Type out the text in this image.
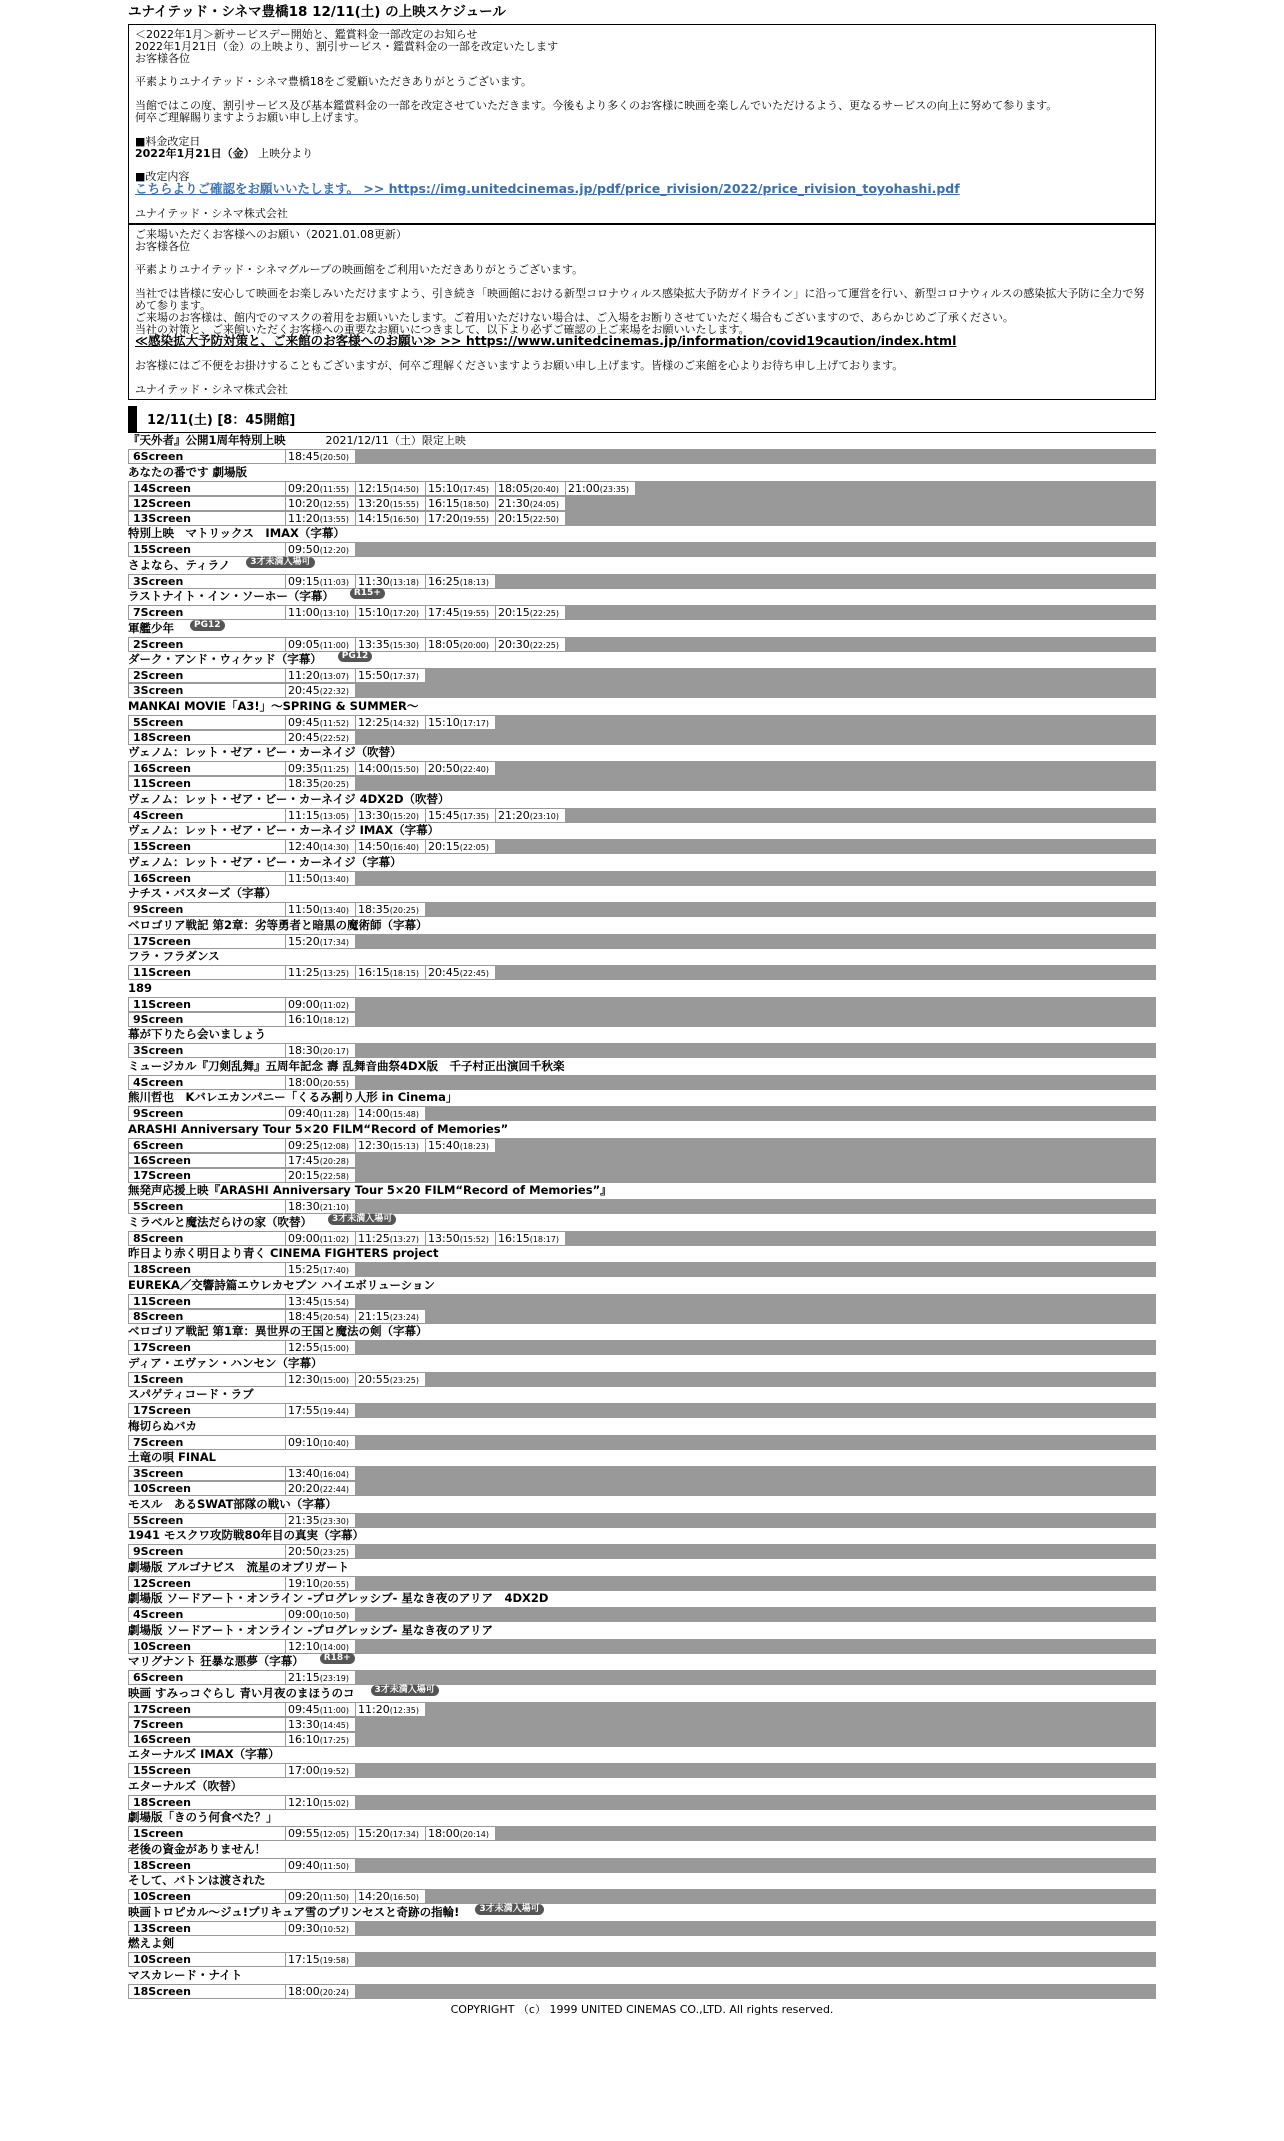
ユナイテッド・シネマ豊橋18 12/11(土) の上映スケジュール

＜2022年1月＞新サービスデー開始と、鑑賞料金一部改定のお知らせ

2022年1月21日（金）の上映より、割引サービス・鑑賞料金の一部を改定いたします

お客様各位

平素よりユナイテッド・シネマ豊橋18をご愛顧いただきありがとうございます。

当館ではこの度、割引サービス及び基本鑑賞料金の一部を改定させていただきます。今後もより多くのお客様に映画を楽しんでいただけるよう、更なるサービスの向上に努めて参ります。

何卒ご理解賜りますようお願い申し上げます。

■料金改定日

2022年1月21日（金） 上映分より

■改定内容

こちらよりご確認をお願いいたします。 >> https://img.unitedcinemas.jp/pdf/price_rivision/2022/price_rivision_toyohashi.pdf

ユナイテッド・シネマ株式会社

ご来場いただくお客様へのお願い（2021.01.08更新）

お客様各位

平素よりユナイテッド・シネマグループの映画館をご利用いただきありがとうございます。

当社では皆様に安心して映画をお楽しみいただけますよう、引き続き「映画館における新型コロナウィルス感染拡大予防ガイドライン」に沿って運営を行い、新型コロナウィルスの感染拡大予防に全力で努めて参ります。

ご来場のお客様は、館内でのマスクの着用をお願いいたします。ご着用いただけない場合は、ご入場をお断りさせていただく場合もございますので、あらかじめご了承ください。

当社の対策と、ご来館いただくお客様への重要なお願いにつきまして、以下より必ずご確認の上ご来場をお願いいたします。

≪感染拡大予防対策と、ご来館のお客様へのお願い≫ >> https://www.unitedcinemas.jp/information/covid19caution/index.html

お客様にはご不便をお掛けすることもございますが、何卒ご理解くださいますようお願い申し上げます。皆様のご来館を心よりお待ち申し上げております。

ユナイテッド・シネマ株式会社

12/11(土) [8：45開館]
『天外者』公開1周年特別上映	2021/12/11（土）限定上映
6Screen	18:45(20:50)
あなたの番です 劇場版
14Screen	09:20(11:55) 12:15(14:50) 15:10(17:45) 18:05(20:40) 21:00(23:35)
12Screen	10:20(12:55) 13:20(15:55) 16:15(18:50) 21:30(24:05)
13Screen	11:20(13:55) 14:15(16:50) 17:20(19:55) 20:15(22:50)
特別上映　マトリックス　IMAX（字幕）
15Screen	09:50(12:20)
さよなら、ティラノ	3才未満入場可
3Screen	09:15(11:03) 11:30(13:18) 16:25(18:13)
ラストナイト・イン・ソーホー（字幕）	R15+
7Screen	11:00(13:10) 15:10(17:20) 17:45(19:55) 20:15(22:25)
軍艦少年	PG12
2Screen	09:05(11:00) 13:35(15:30) 18:05(20:00) 20:30(22:25)
ダーク・アンド・ウィケッド（字幕）	PG12
2Screen	11:20(13:07) 15:50(17:37)
3Screen	20:45(22:32)
MANKAI MOVIE「A3!」～SPRING & SUMMER～
5Screen	09:45(11:52) 12:25(14:32) 15:10(17:17)
18Screen	20:45(22:52)
ヴェノム：レット・ゼア・ビー・カーネイジ（吹替）
16Screen	09:35(11:25) 14:00(15:50) 20:50(22:40)
11Screen	18:35(20:25)
ヴェノム：レット・ゼア・ビー・カーネイジ 4DX2D（吹替）
4Screen	11:15(13:05) 13:30(15:20) 15:45(17:35) 21:20(23:10)
ヴェノム：レット・ゼア・ビー・カーネイジ IMAX（字幕）
15Screen	12:40(14:30) 14:50(16:40) 20:15(22:05)
ヴェノム：レット・ゼア・ビー・カーネイジ（字幕）
16Screen	11:50(13:40)
ナチス・バスターズ（字幕）
9Screen	11:50(13:40) 18:35(20:25)
ベロゴリア戦記 第2章：劣等勇者と暗黒の魔術師（字幕）
17Screen	15:20(17:34)
フラ・フラダンス
11Screen	11:25(13:25) 16:15(18:15) 20:45(22:45)
189
11Screen	09:00(11:02)
9Screen	16:10(18:12)
幕が下りたら会いましょう
3Screen	18:30(20:17)
ミュージカル『刀剣乱舞』五周年記念 壽 乱舞音曲祭4DX版　千子村正出演回千秋楽
4Screen	18:00(20:55)
熊川哲也　Kバレエカンパニー「くるみ割り人形 in Cinema」
9Screen	09:40(11:28) 14:00(15:48)
ARASHI Anniversary Tour 5×20 FILM“Record of Memories”
6Screen	09:25(12:08) 12:30(15:13) 15:40(18:23)
16Screen	17:45(20:28)
17Screen	20:15(22:58)
無発声応援上映『ARASHI Anniversary Tour 5×20 FILM“Record of Memories”』
5Screen	18:30(21:10)
ミラベルと魔法だらけの家（吹替）	3才未満入場可
8Screen	09:00(11:02) 11:25(13:27) 13:50(15:52) 16:15(18:17)
昨日より赤く明日より青く CINEMA FIGHTERS project
18Screen	15:25(17:40)
EUREKA／交響詩篇エウレカセブン ハイエボリューション
11Screen	13:45(15:54)
8Screen	18:45(20:54) 21:15(23:24)
ベロゴリア戦記 第1章：異世界の王国と魔法の剣（字幕）
17Screen	12:55(15:00)
ディア・エヴァン・ハンセン（字幕）
1Screen	12:30(15:00) 20:55(23:25)
スパゲティコード・ラブ
17Screen	17:55(19:44)
梅切らぬバカ
7Screen	09:10(10:40)
土竜の唄 FINAL
3Screen	13:40(16:04)
10Screen	20:20(22:44)
モスル　あるSWAT部隊の戦い（字幕）
5Screen	21:35(23:30)
1941 モスクワ攻防戦80年目の真実（字幕）
9Screen	20:50(23:25)
劇場版 アルゴナビス　流星のオブリガート
12Screen	19:10(20:55)
劇場版 ソードアート・オンライン -プログレッシブ- 星なき夜のアリア　4DX2D
4Screen	09:00(10:50)
劇場版 ソードアート・オンライン -プログレッシブ- 星なき夜のアリア
10Screen	12:10(14:00)
マリグナント 狂暴な悪夢（字幕）	R18+
6Screen	21:15(23:19)
映画 すみっコぐらし 青い月夜のまほうのコ	3才未満入場可
17Screen	09:45(11:00) 11:20(12:35)
7Screen	13:30(14:45)
16Screen	16:10(17:25)
エターナルズ IMAX（字幕）
15Screen	17:00(19:52)
エターナルズ（吹替）
18Screen	12:10(15:02)
劇場版「きのう何食べた？」
1Screen	09:55(12:05) 15:20(17:34) 18:00(20:14)
老後の資金がありません！
18Screen	09:40(11:50)
そして、バトンは渡された
10Screen	09:20(11:50) 14:20(16:50)
映画トロピカル～ジュ!プリキュア雪のプリンセスと奇跡の指輪!	3才未満入場可
13Screen	09:30(10:52)
燃えよ剣
10Screen	17:15(19:58)
マスカレード・ナイト
18Screen	18:00(20:24)
COPYRIGHT （c） 1999 UNITED CINEMAS CO.,LTD. All rights reserved.
